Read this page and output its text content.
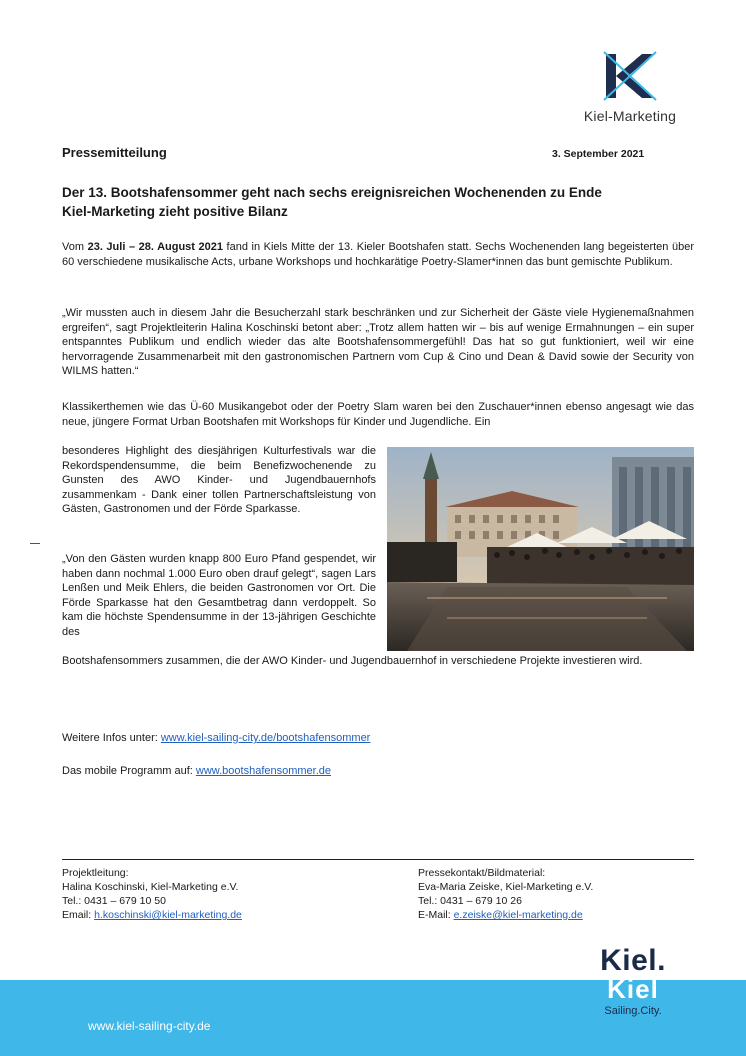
Kiel-Marketing
Pressemitteilung	3. September 2021
Der 13. Bootshafensommer geht nach sechs ereignisreichen Wochenenden zu Ende
Kiel-Marketing zieht positive Bilanz
Vom 23. Juli – 28. August 2021 fand in Kiels Mitte der 13. Kieler Bootshafen statt. Sechs Wochenenden lang begeisterten über 60 verschiedene musikalische Acts, urbane Workshops und hochkarätige Poetry-Slamer*innen das bunt gemischte Publikum.
„Wir mussten auch in diesem Jahr die Besucherzahl stark beschränken und zur Sicherheit der Gäste viele Hygienemaßnahmen ergreifen“, sagt Projektleiterin Halina Koschinski betont aber: „Trotz allem hatten wir – bis auf wenige Ermahnungen – ein super entspanntes Publikum und endlich wieder das alte Bootshafensommergefühl! Das hat so gut funktioniert, weil wir eine hervorragende Zusammenarbeit mit den gastronomischen Partnern vom Cup & Cino und Dean & David sowie der Security von WILMS hatten.“
Klassikerthemen wie das Ü-60 Musikangebot oder der Poetry Slam waren bei den Zuschauer*innen ebenso angesagt wie das neue, jüngere Format Urban Bootshafen mit Workshops für Kinder und Jugendliche. Ein
besonderes Highlight des diesjährigen Kulturfestivals war die Rekordspendensumme, die beim Benefizwochenende zu Gunsten des AWO Kinder- und Jugendbauernhofs zusammenkam - Dank einer tollen Partnerschaftsleistung von Gästen, Gastronomen und der Förde Sparkasse.
„Von den Gästen wurden knapp 800 Euro Pfand gespendet, wir haben dann nochmal 1.000 Euro oben drauf gelegt“, sagen Lars Lenßen und Meik Ehlers, die beiden Gastronomen vor Ort. Die Förde Sparkasse hat den Gesamtbetrag dann verdoppelt. So kam die höchste Spendensumme in der 13-jährigen Geschichte des
Bootshafensommers zusammen, die der AWO Kinder- und Jugendbauernhof in verschiedene Projekte investieren wird.
Weitere Infos unter: www.kiel-sailing-city.de/bootshafensommer
Das mobile Programm auf: www.bootshafensommer.de
Projektleitung:
Halina Koschinski, Kiel-Marketing e.V.
Tel.: 0431 – 679 10 50
Email: h.koschinski@kiel-marketing.de
Pressekontakt/Bildmaterial:
Eva-Maria Zeiske, Kiel-Marketing e.V.
Tel.: 0431 – 679 10 26
E-Mail: e.zeiske@kiel-marketing.de
www.kiel-sailing-city.de
Kiel.
Kiel
Sailing.City.
